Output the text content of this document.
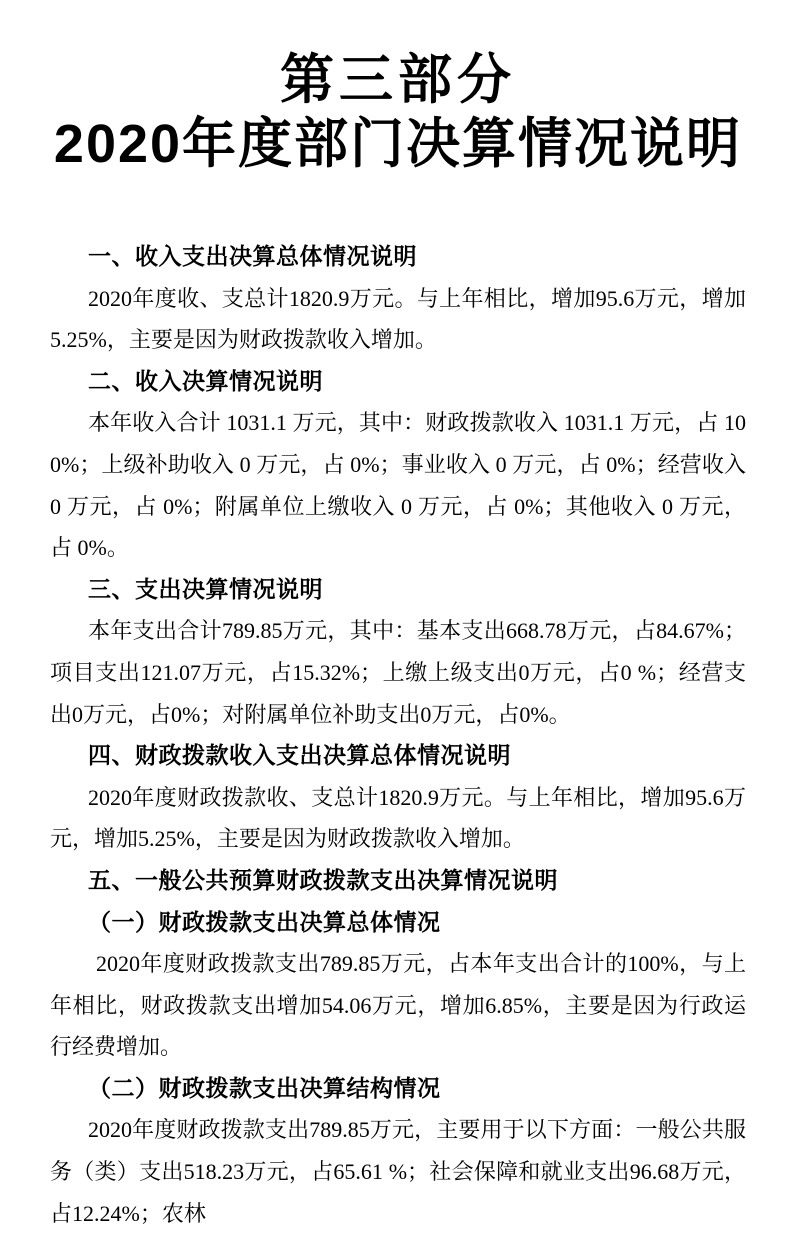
第三部分
2020年度部门决算情况说明
一、收入支出决算总体情况说明

2020年度收、支总计1820.9万元。与上年相比，增加95.6万元，增加5.25%，主要是因为财政拨款收入增加。

二、收入决算情况说明

本年收入合计 1031.1 万元，其中：财政拨款收入 1031.1 万元，占 100%；上级补助收入 0 万元，占 0%；事业收入 0 万元，占 0%；经营收入 0 万元，占 0%；附属单位上缴收入 0 万元，占 0%；其他收入 0 万元，占 0%。

三、支出决算情况说明

本年支出合计789.85万元，其中：基本支出668.78万元，占84.67%；项目支出121.07万元，占15.32%；上缴上级支出0万元，占0 %；经营支出0万元，占0%；对附属单位补助支出0万元，占0%。

四、财政拨款收入支出决算总体情况说明

2020年度财政拨款收、支总计1820.9万元。与上年相比，增加95.6万元，增加5.25%，主要是因为财政拨款收入增加。

五、一般公共预算财政拨款支出决算情况说明
（一）财政拨款支出决算总体情况

2020年度财政拨款支出789.85万元，占本年支出合计的100%，与上年相比，财政拨款支出增加54.06万元，增加6.85%，主要是因为行政运行经费增加。

（二）财政拨款支出决算结构情况

2020年度财政拨款支出789.85万元，主要用于以下方面：一般公共服务（类）支出518.23万元，占65.61 %；社会保障和就业支出96.68万元，占12.24%；农林
